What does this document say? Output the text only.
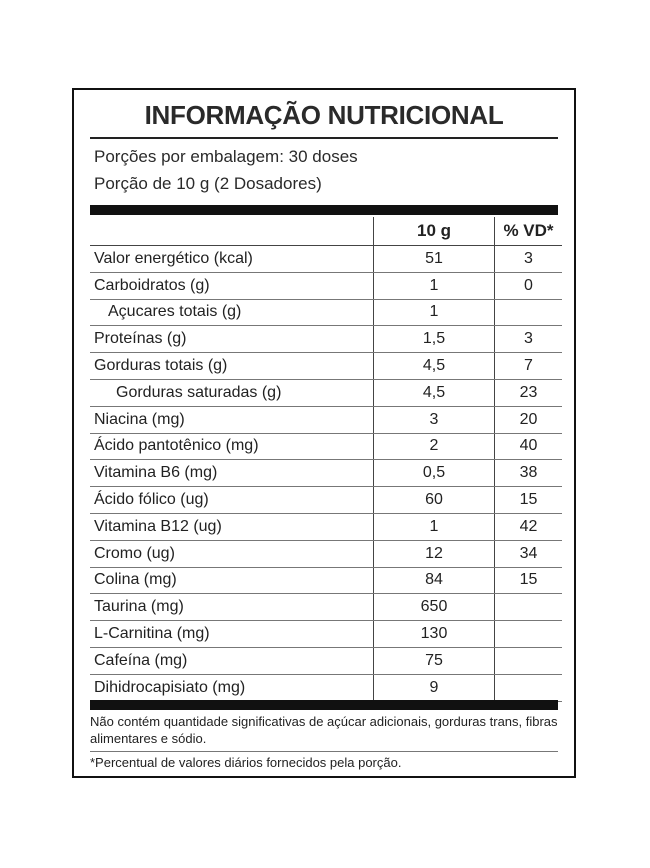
INFORMAÇÃO NUTRICIONAL
Porções por embalagem: 30 doses
Porção de 10 g (2 Dosadores)
	10 g	% VD*
Valor energético (kcal)	51	3
Carboidratos (g)	1	0
Açucares totais (g)	1	
Proteínas (g)	1,5	3
Gorduras totais (g)	4,5	7
Gorduras saturadas (g)	4,5	23
Niacina (mg)	3	20
Ácido pantotênico (mg)	2	40
Vitamina B6 (mg)	0,5	38
Ácido fólico (ug)	60	15
Vitamina B12 (ug)	1	42
Cromo (ug)	12	34
Colina (mg)	84	15
Taurina (mg)	650	
L-Carnitina (mg)	130	
Cafeína (mg)	75	
Dihidrocapisiato (mg)	9	
Não contém quantidade significativas de açúcar adicionais, gorduras trans, fibras alimentares e sódio.
*Percentual de valores diários fornecidos pela porção.
